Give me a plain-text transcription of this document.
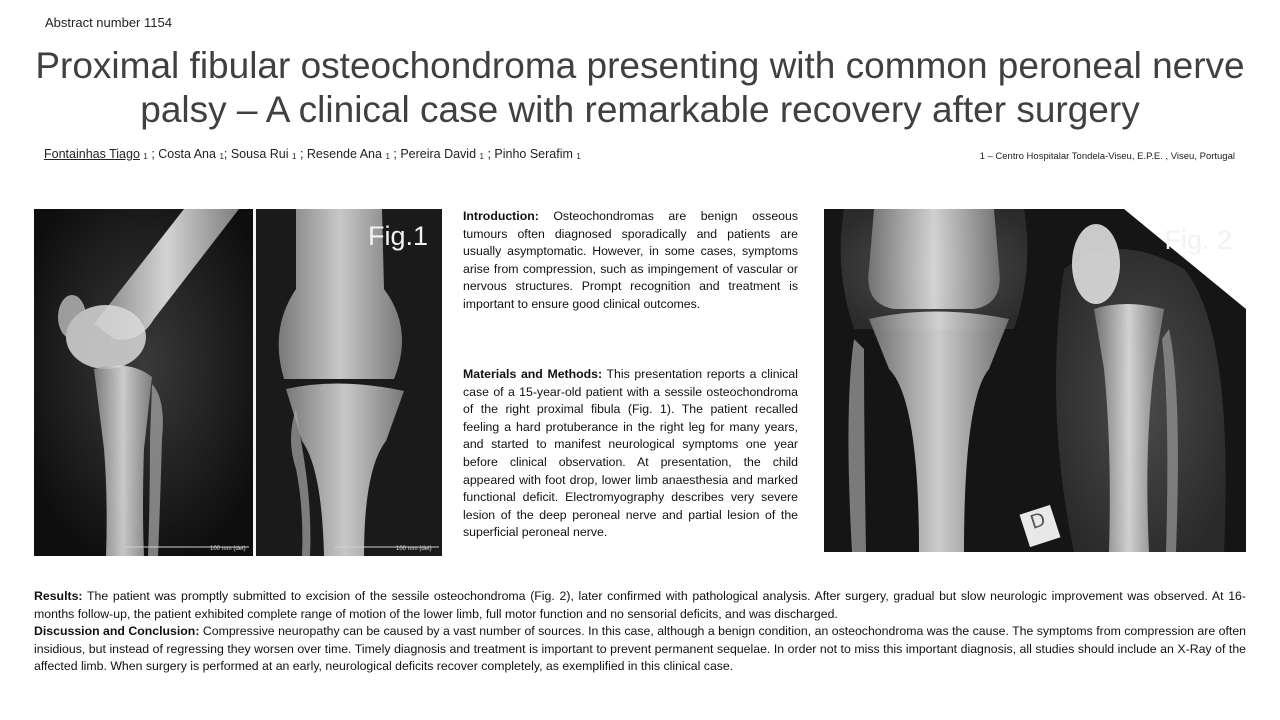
Abstract number 1154
Proximal fibular osteochondroma presenting with common peroneal nerve palsy – A clinical case with remarkable recovery after surgery
Fontainhas Tiago $_1$ ; Costa Ana $_1$; Sousa Rui $_1$ ; Resende Ana $_1$ ; Pereira David $_1$ ; Pinho Serafim $_1$	1 – Centro Hospitalar Tondela-Viseu, E.P.E. , Viseu, Portugal
Fig.1
100 mm (det)	100 mm (det)

Introduction: Osteochondromas are benign osseous tumours often diagnosed sporadically and patients are usually asymptomatic. However, in some cases, symptoms arise from compression, such as impingement of vascular or nervous structures. Prompt recognition and treatment is important to ensure good clinical outcomes.

Materials and Methods: This presentation reports a clinical case of a 15-year-old patient with a sessile osteochondroma of the right proximal fibula (Fig. 1). The patient recalled feeling a hard protuberance in the right leg for many years, and started to manifest neurological symptoms one year before clinical observation. At presentation, the child appeared with foot drop, lower limb anaesthesia and marked functional deficit. Electromyography describes very severe lesion of the deep peroneal nerve and partial lesion of the superficial peroneal nerve.

Fig. 2
D

Results: The patient was promptly submitted to excision of the sessile osteochondroma (Fig. 2), later confirmed with pathological analysis. After surgery, gradual but slow neurologic improvement was observed. At 16-months follow-up, the patient exhibited complete range of motion of the lower limb, full motor function and no sensorial deficits, and was discharged.

Discussion and Conclusion: Compressive neuropathy can be caused by a vast number of sources. In this case, although a benign condition, an osteochondroma was the cause. The symptoms from compression are often insidious, but instead of regressing they worsen over time. Timely diagnosis and treatment is important to prevent permanent sequelae. In order not to miss this important diagnosis, all studies should include an X-Ray of the affected limb. When surgery is performed at an early, neurological deficits recover completely, as exemplified in this clinical case.
